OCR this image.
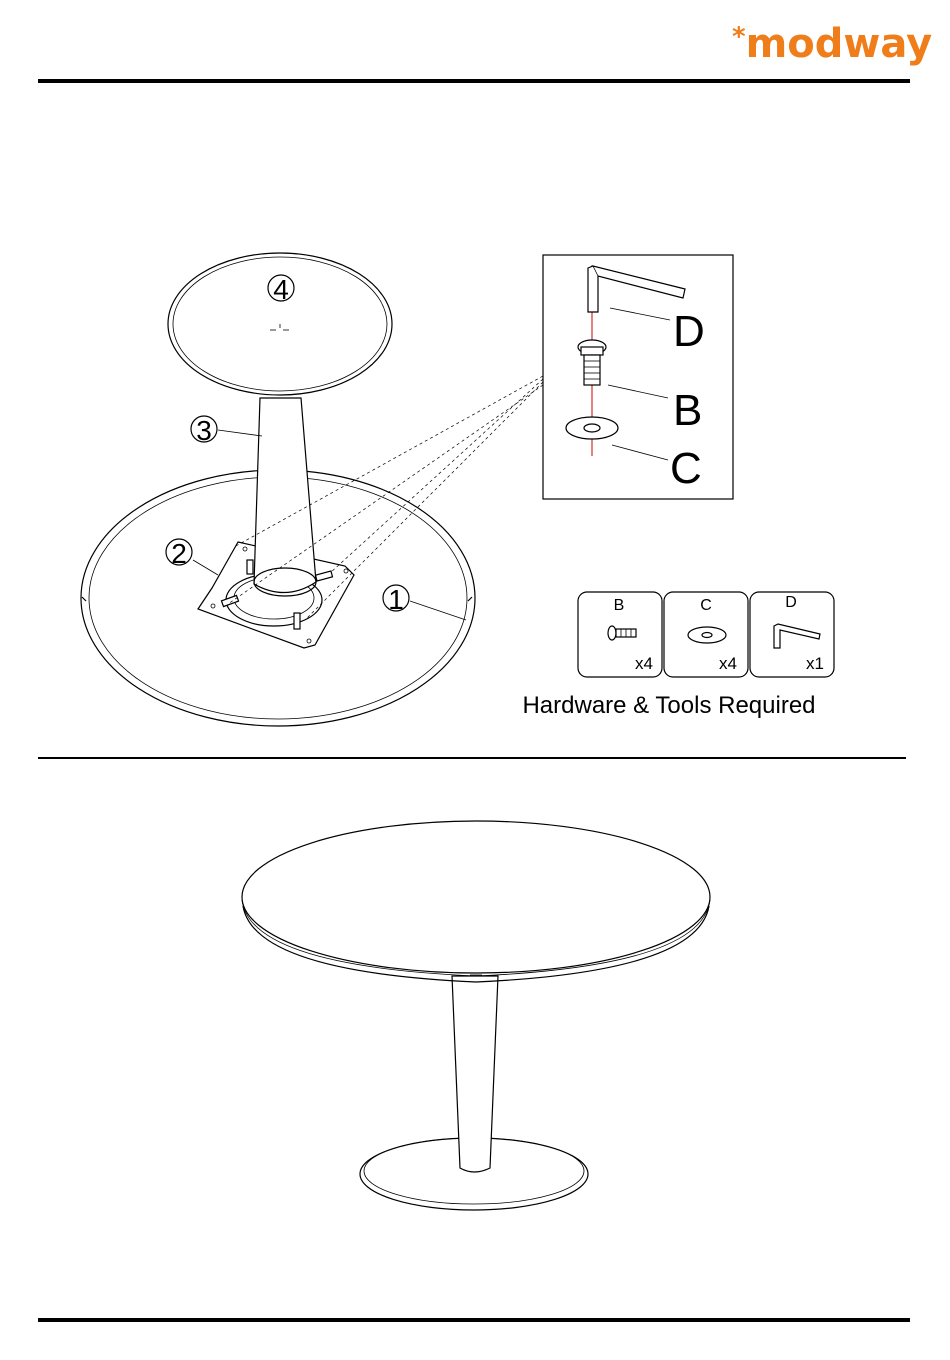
*modway
1
2
3
4
D
B
C
B	C	D
x4	x4	x1
Hardware & Tools Required
